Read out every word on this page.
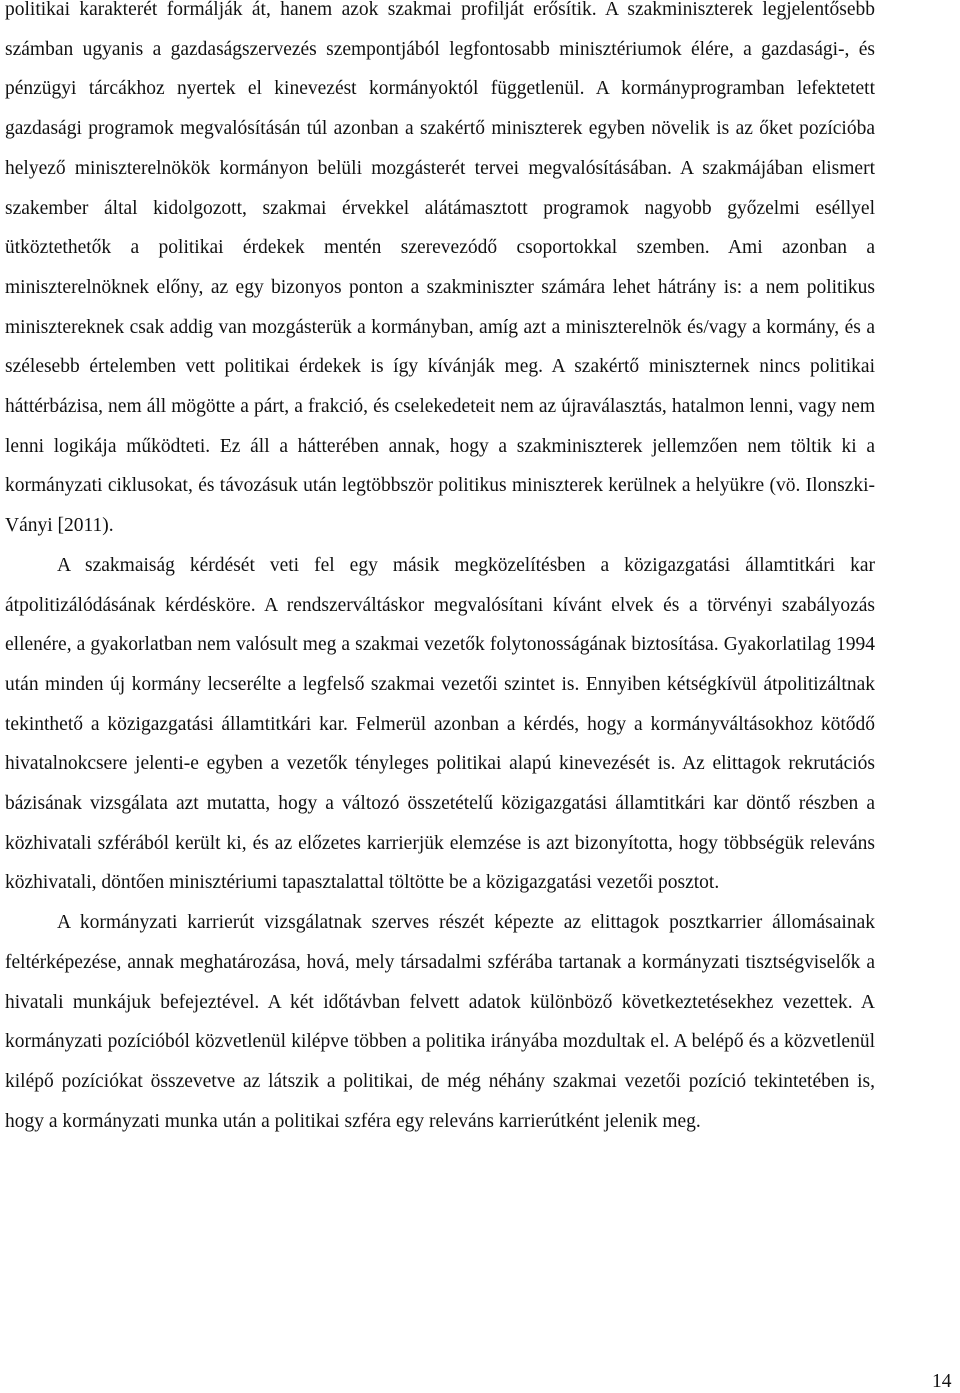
politikai karakterét formálják át, hanem azok szakmai profilját erősítik. A szakminiszterek legjelentősebb számban ugyanis a gazdaságszervezés szempontjából legfontosabb minisztériumok élére, a gazdasági-, és pénzügyi tárcákhoz nyertek el kinevezést kormányoktól függetlenül. A kormányprogramban lefektetett gazdasági programok megvalósításán túl azonban a szakértő miniszterek egyben növelik is az őket pozícióba helyező miniszterelnökök kormányon belüli mozgásterét tervei megvalósításában. A szakmájában elismert szakember által kidolgozott, szakmai érvekkel alátámasztott programok nagyobb győzelmi eséllyel ütköztethetők a politikai érdekek mentén szerevezódő csoportokkal szemben. Ami azonban a miniszterelnöknek előny, az egy bizonyos ponton a szakminiszter számára lehet hátrány is: a nem politikus minisztereknek csak addig van mozgásterük a kormányban, amíg azt a miniszterelnök és/vagy a kormány, és a szélesebb értelemben vett politikai érdekek is így kívánják meg. A szakértő miniszternek nincs politikai háttérbázisa, nem áll mögötte a párt, a frakció, és cselekedeteit nem az újraválasztás, hatalmon lenni, vagy nem lenni logikája működteti. Ez áll a hátterében annak, hogy a szakminiszterek jellemzően nem töltik ki a kormányzati ciklusokat, és távozásuk után legtöbbször politikus miniszterek kerülnek a helyükre (vö. Ilonszki-Ványi [2011).

A szakmaiság kérdését veti fel egy másik megközelítésben a közigazgatási államtitkári kar átpolitizálódásának kérdésköre. A rendszerváltáskor megvalósítani kívánt elvek és a törvényi szabályozás ellenére, a gyakorlatban nem valósult meg a szakmai vezetők folytonosságának biztosítása. Gyakorlatilag 1994 után minden új kormány lecserélte a legfelső szakmai vezetői szintet is. Ennyiben kétségkívül átpolitizáltnak tekinthető a közigazgatási államtitkári kar. Felmerül azonban a kérdés, hogy a kormányváltásokhoz kötődő hivatalnokcsere jelenti-e egyben a vezetők tényleges politikai alapú kinevezését is. Az elittagok rekrutációs bázisának vizsgálata azt mutatta, hogy a változó összetételű közigazgatási államtitkári kar döntő részben a közhivatali szférából került ki, és az előzetes karrierjük elemzése is azt bizonyította, hogy többségük releváns közhivatali, döntően minisztériumi tapasztalattal töltötte be a közigazgatási vezetői posztot.

A kormányzati karrierút vizsgálatnak szerves részét képezte az elittagok posztkarrier állomásainak feltérképezése, annak meghatározása, hová, mely társadalmi szférába tartanak a kormányzati tisztségviselők a hivatali munkájuk befejeztével. A két időtávban felvett adatok különböző következtetésekhez vezettek. A kormányzati pozícióból közvetlenül kilépve többen a politika irányába mozdultak el. A belépő és a közvetlenül kilépő pozíciókat összevetve az látszik a politikai, de még néhány szakmai vezetői pozíció tekintetében is, hogy a kormányzati munka után a politikai szféra egy releváns karrierútként jelenik meg.

14
